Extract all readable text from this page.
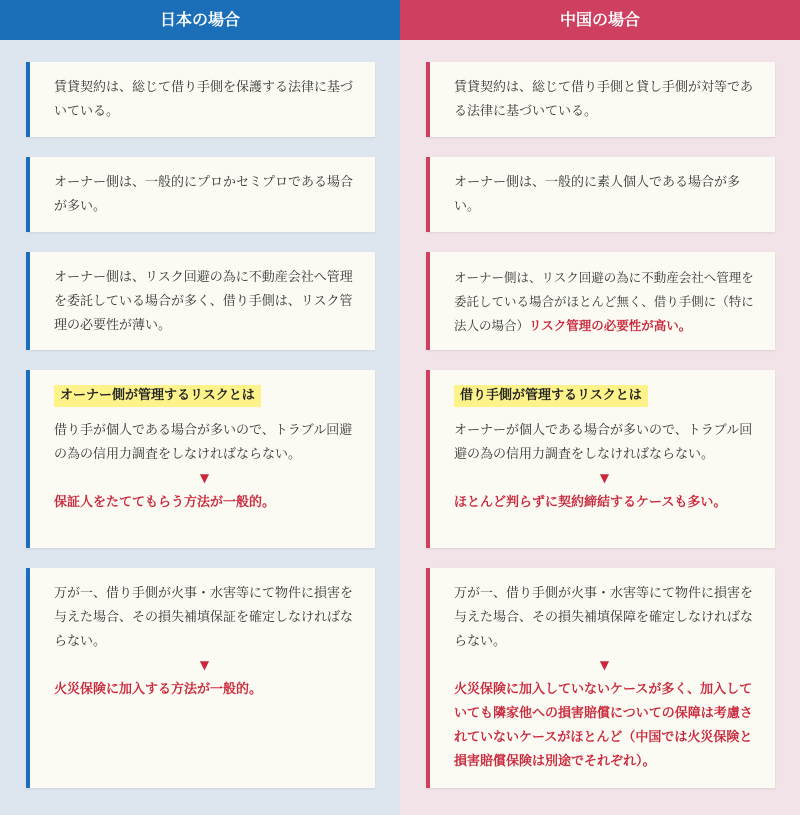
日本の場合
賃貸契約は、総じて借り手側を保護する法律に基づいている。
オーナー側は、一般的にプロかセミプロである場合が多い。
オーナー側は、リスク回避の為に不動産会社へ管理を委託している場合が多く、借り手側は、リスク管理の必要性が薄い。
オーナー側が管理するリスクとは
借り手が個人である場合が多いので、トラブル回避の為の信用力調査をしなければならない。
▼
保証人をたててもらう方法が一般的。
万が一、借り手側が火事・水害等にて物件に損害を与えた場合、その損失補填保証を確定しなければならない。
▼
火災保険に加入する方法が一般的。
中国の場合
賃貸契約は、総じて借り手側と貸し手側が対等である法律に基づいている。
オーナー側は、一般的に素人個人である場合が多い。
オーナー側は、リスク回避の為に不動産会社へ管理を委託している場合がほとんど無く、借り手側に（特に法人の場合）リスク管理の必要性が高い。
借り手側が管理するリスクとは
オーナーが個人である場合が多いので、トラブル回避の為の信用力調査をしなければならない。
▼
ほとんど判らずに契約締結するケースも多い。
万が一、借り手側が火事・水害等にて物件に損害を与えた場合、その損失補填保障を確定しなければならない。
▼
火災保険に加入していないケースが多く、加入していても隣家他への損害賠償についての保障は考慮されていないケースがほとんど（中国では火災保険と損害賠償保険は別途でそれぞれ）。
